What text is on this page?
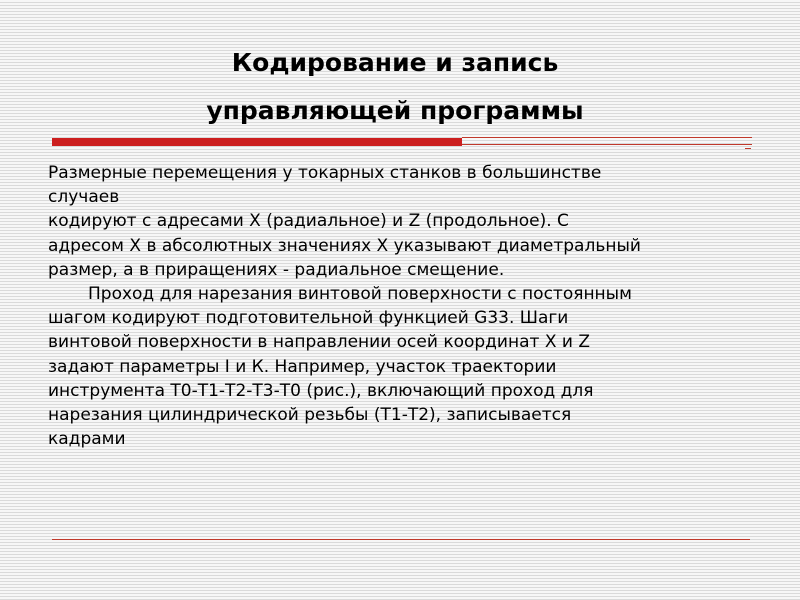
Кодирование и запись
управляющей программы

Размерные перемещения у токарных станков в большинстве

случаев

кодируют с адресами X (радиальное) и Z (продольное). С

адресом X в абсолютных значениях X указывают диаметральный

размер, а в приращениях - радиальное смещение.

Проход для нарезания винтовой поверхности с постоянным

шагом кодируют подготовительной функцией G33. Шаги

винтовой поверхности в направлении осей координат X и Z

задают параметры I и К. Например, участок траектории

инструмента Т0-Т1-Т2-Т3-Т0 (рис.), включающий проход для

нарезания цилиндрической резьбы (Т1-Т2), записывается

кадрами
